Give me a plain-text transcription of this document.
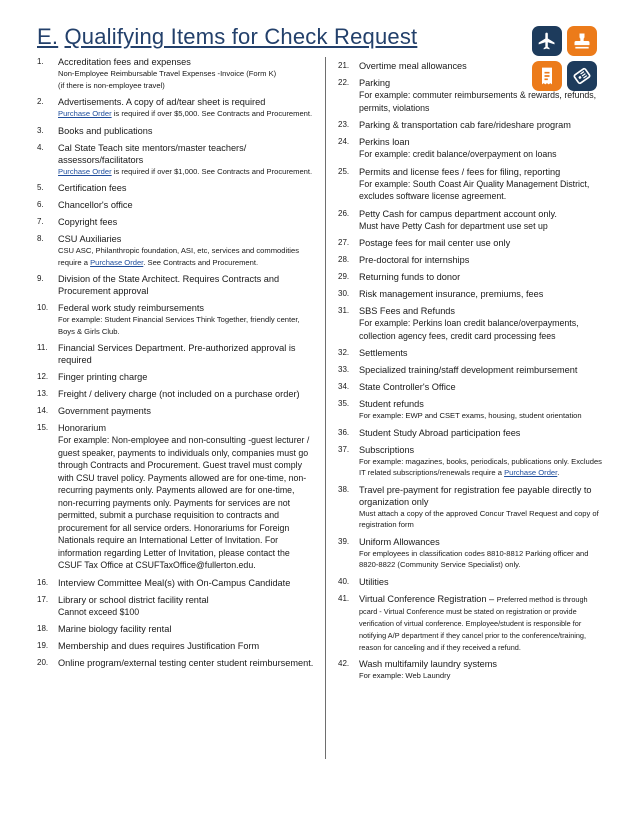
E. Qualifying Items for Check Request
1. Accreditation fees and expenses
Non-Employee Reimbursable Travel Expenses -Invoice (Form K)
(if there is non-employee travel)
2. Advertisements. A copy of ad/tear sheet is required
Purchase Order is required if over $5,000. See Contracts and Procurement.
3. Books and publications
4. Cal State Teach site mentors/master teachers/ assessors/facilitators
Purchase Order is required if over $1,000. See Contracts and Procurement.
5. Certification fees
6. Chancellor's office
7. Copyright fees
8. CSU Auxiliaries
CSU ASC, Philanthropic foundation, ASI, etc, services and commodities require a Purchase Order. See Contracts and Procurement.
9. Division of the State Architect. Requires Contracts and Procurement approval
10. Federal work study reimbursements
For example: Student Financial Services Think Together, friendly center, Boys & Girls Club.
11. Financial Services Department. Pre-authorized approval is required
12. Finger printing charge
13. Freight / delivery charge (not included on a purchase order)
14. Government payments
15. Honorarium
For example: Non-employee and non-consulting -guest lecturer / guest speaker, payments to individuals only, companies must go through Contracts and Procurement. Guest travel must comply with CSU travel policy. Payments allowed are for one-time, non- recurring payments only. Payments allowed are for one-time, non-recurring payments only. Payments for services are not permitted, submit a purchase requisition to contracts and procurement for all service orders. Honorariums for Foreign Nationals require an International Letter of Invitation. For information regarding Letter of Invitation, please contact the CSUF Tax Office at CSUFTaxOffice@fullerton.edu.
16. Interview Committee Meal(s) with On-Campus Candidate
17. Library or school district facility rental
Cannot exceed $100
18. Marine biology facility rental
19. Membership and dues requires Justification Form
20. Online program/external testing center student reimbursement.
21. Overtime meal allowances
22. Parking
For example: commuter reimbursements & rewards, refunds, permits, violations
23. Parking & transportation cab fare/rideshare program
24. Perkins loan
For example: credit balance/overpayment on loans
25. Permits and license fees / fees for filing, reporting
For example: South Coast Air Quality Management District, excludes software license agreement.
26. Petty Cash for campus department account only.
Must have Petty Cash for department use set up
27. Postage fees for mail center use only
28. Pre-doctoral for internships
29. Returning funds to donor
30. Risk management insurance, premiums, fees
31. SBS Fees and Refunds
For example: Perkins loan credit balance/overpayments, collection agency fees, credit card processing fees
32. Settlements
33. Specialized training/staff development reimbursement
34. State Controller's Office
35. Student refunds
For example: EWP and CSET exams, housing, student orientation
36. Student Study Abroad participation fees
37. Subscriptions
For example: magazines, books, periodicals, publications only. Excludes IT related subscriptions/renewals require a Purchase Order.
38. Travel pre-payment for registration fee payable directly to organization only
Must attach a copy of the approved Concur Travel Request and copy of registration form
39. Uniform Allowances
For employees in classification codes 8810-8812 Parking officer and 8820-8822 (Community Service Specialist) only.
40. Utilities
41. Virtual Conference Registration – Preferred method is through pcard - Virtual Conference must be stated on registration or provide verification of virtual conference. Employee/student is responsible for notifying A/P department if they cancel prior to the conference/training, reason for canceling and if they received a refund.
42. Wash multifamily laundry systems
For example: Web Laundry
